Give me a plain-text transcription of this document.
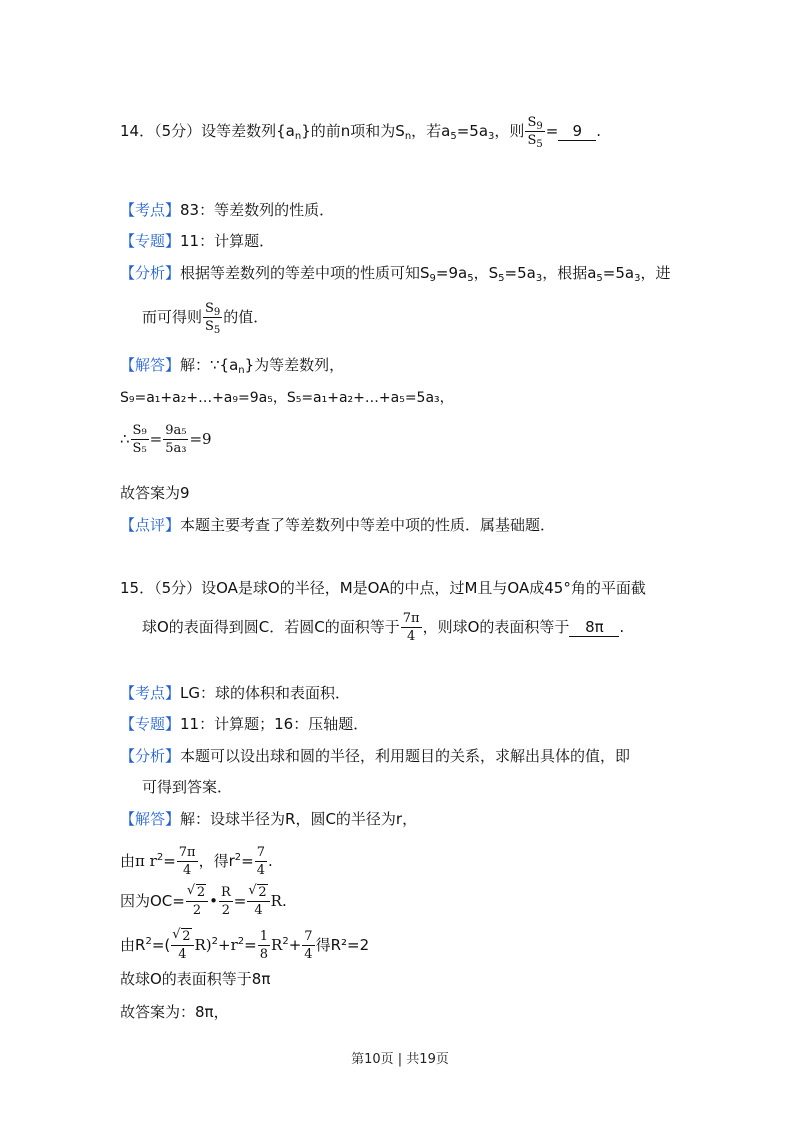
14．（5分）设等差数列$\{a_n\}$的前n项和为$S_n$，若$a_5=5a_3$，则 $\frac{S_9}{S_5} = 9$ .
【考点】83：等差数列的性质．
【专题】11：计算题．
【分析】根据等差数列的等差中项的性质可知$S_9=9a_5$，$S_5=5a_3$，根据$a_5=5a_3$，进
而可得则 $\frac{S_9}{S_5}$ 的值．
【解答】解：$\because\{a_n\}$为等差数列，
S₉=a₁+a₂+…+a₉=9a₅，S₅=a₁+a₂+…+a₅=5a₃，
∴ $\frac{\text{S₉}}{\text{S₅}} = \frac{\text{9a₅}}{\text{5a₃}} =9$
故答案为9
【点评】本题主要考查了等差数列中等差中项的性质．属基础题．
15．（5分）设OA是球O的半径，M是OA的中点，过M且与OA成45°角的平面截
球O的表面得到圆C．若圆C的面积等于 $\frac{7\pi}{4}$ ，则球O的表面积等于 8π .
【考点】LG：球的体积和表面积．
【专题】11：计算题；16：压轴题．
【分析】本题可以设出球和圆的半径，利用题目的关系，求解出具体的值，即
可得到答案．
【解答】解：设球半径为R，圆C的半径为r，
由π $r^2= \frac{7\pi}{4}$ ，得$r^2= \frac{7}{4}$ .
因为OC= √ $\frac{2}{2}$ • $\frac{R}{2}$ = √ $\frac{2}{4} R$.
由$R^2=$( √ $\frac{2}{4} R)^2+r^2= \frac{1}{8} R^2+ \frac{7}{4}$ 得R²=2
故球O的表面积等于8π
故答案为：8π，
第10页 | 共19页
